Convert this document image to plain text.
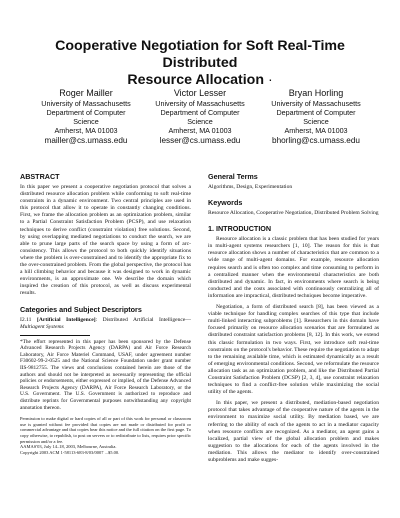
Cooperative Negotiation for Soft Real-Time Distributed
Resource Allocation ·
Roger Mailler
University of Massachusetts
Department of Computer
Science
Amherst, MA 01003
mailler@cs.umass.edu
Victor Lesser
University of Massachusetts
Department of Computer
Science
Amherst, MA 01003
lesser@cs.umass.edu
Bryan Horling
University of Massachusetts
Department of Computer
Science
Amherst, MA 01003
bhorling@cs.umass.edu
ABSTRACT
In this paper we present a cooperative negotiation protocol that solves a distributed resource allocation problem while conforming to soft real-time constraints in a dynamic environment. Two central principles are used in this protocol that allow it to operate in constantly changing conditions. First, we frame the allocation problem as an optimization problem, similar to a Partial Constraint Satisfaction Problem (PCSP), and use relaxation techniques to derive conflict (constraint violation) free solutions. Second, by using overlapping mediated negotiations to conduct the search, we are able to prune large parts of the search space by using a form of arc-consistency. This allows the protocol to both quickly identify situations where the problem is over-constrained and to identify the appropriate fix to the over-constrained problem. From the global perspective, the protocol has a hill climbing behavior and because it was designed to work in dynamic environments, is an approximate one. We describe the domain which inspired the creation of this protocol, as well as discuss experimental results.
Categories and Subject Descriptors
I2.11 [Artificial Intelligence]: Distributed Artificial Intelligence—Multiagent Systems
*The effort represented in this paper has been sponsored by the Defense Advanced Research Projects Agency (DARPA) and Air Force Research Laboratory, Air Force Materiel Command, USAF, under agreement number F30602-99-2-0525 and the National Science Foundation under grant number IIS-9812755. The views and conclusions contained herein are those of the authors and should not be interpreted as necessarily representing the official policies or endorsements, either expressed or implied, of the Defense Advanced Research Projects Agency (DARPA), Air Force Research Laboratory, or the U.S. Government. The U.S. Government is authorized to reproduce and distribute reprints for Governmental purposes notwithstanding any copyright annotation thereon.
Permission to make digital or hard copies of all or part of this work for personal or classroom use is granted without fee provided that copies are not made or distributed for profit or commercial advantage and that copies bear this notice and the full citation on the first page. To copy otherwise, to republish, to post on servers or to redistribute to lists, requires prior specific permission and/or a fee.
AAMAS'03, July 14–18, 2003, Melbourne, Australia.
Copyright 2003 ACM 1-58113-683-8/03/0007 ...$5.00.
General Terms
Algorithms, Design, Experimentation
Keywords
Resource Allocation, Cooperative Negotiation, Distributed Problem Solving
1. INTRODUCTION
Resource allocation is a classic problem that has been studied for years in multi-agent systems researchers [1, 10]. The reason for this is that resource allocation shows a number of characteristics that are common to a wide range of multi-agent domains. For example, resource allocation requires search and is often too complex and time consuming to perform in a centralized manner when the environmental characteristics are both distributed and dynamic. In fact, in environments where search is being conducted and the costs associated with continuously centralizing all of information are impractical, distributed techniques become imperative.
Negotiation, a form of distributed search [8], has been viewed as a viable technique for handling complex searches of this type that include multi-linked interacting subproblems [1]. Researchers in this domain have focused primarily on resource allocation scenarios that are formulated as distributed constraint satisfaction problems [8, 12]. In this work, we extend this classic formulation in two ways. First, we introduce soft real-time constraints on the protocol's behavior. These require the negotiation to adapt to the remaining available time, which is estimated dynamically as a result of emerging environmental conditions. Second, we reformulate the resource allocation task as an optimization problem, and like the Distributed Partial Constraint Satisfaction Problem (DCSP) [2, 3, 4], use constraint relaxation techniques to find a conflict-free solution while maximizing the social utility of the agents.
In this paper, we present a distributed, mediation-based negotiation protocol that takes advantage of the cooperative nature of the agents in the environment to maximize social utility. By mediation based, we are referring to the ability of each of the agents to act in a mediator capacity when resource conflicts are recognized. As a mediator, an agent gains a localized, partial view of the global allocation problem and makes suggestion to the allocations for each of the agents involved in the mediation. This allows the mediator to identify over-constrained subproblems and make sugges-
